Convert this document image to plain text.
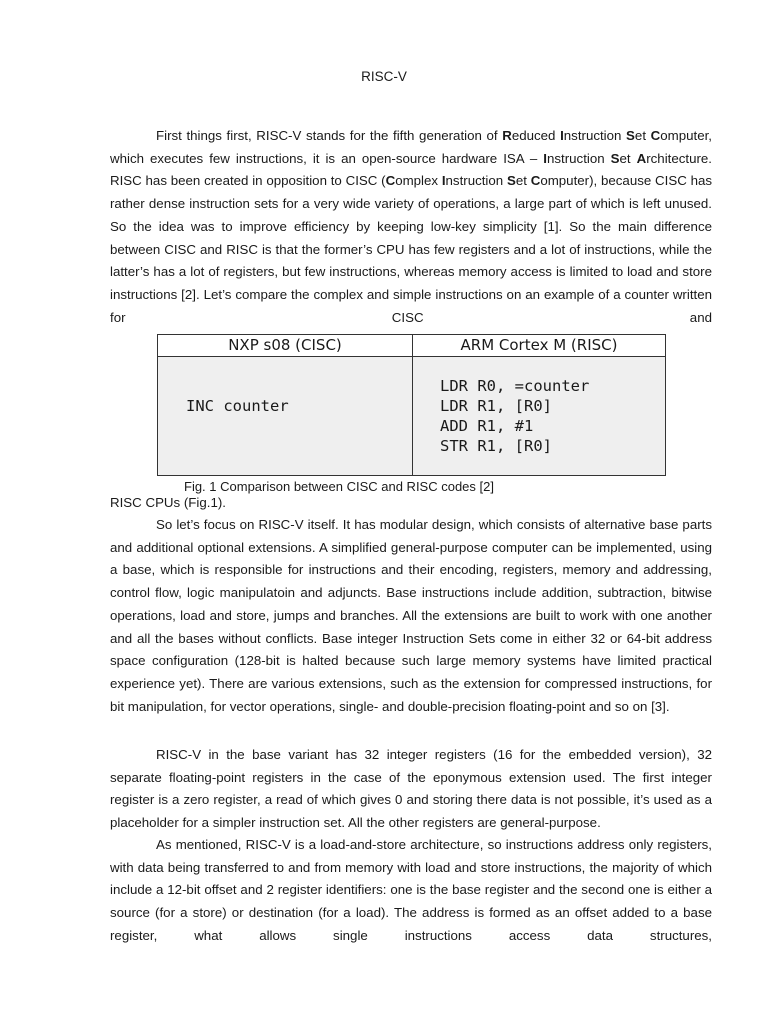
RISC-V

First things first, RISC-V stands for the fifth generation of Reduced Instruction Set Computer, which executes few instructions, it is an open-source hardware ISA – Instruction Set Architecture. RISC has been created in opposition to CISC (Complex Instruction Set Computer), because CISC has rather dense instruction sets for a very wide variety of operations, a large part of which is left unused. So the idea was to improve efficiency by keeping low-key simplicity [1]. So the main difference between CISC and RISC is that the former’s CPU has few registers and a lot of instructions, while the latter’s has a lot of registers, but few instructions, whereas memory access is limited to load and store instructions [2]. Let’s compare the complex and simple instructions on an example of a counter written for CISC and

NXP s08 (CISC)
INC counter
ARM Cortex M (RISC)
LDR R0, =counter
LDR R1, [R0]
ADD R1, #1
STR R1, [R0]
Fig. 1 Comparison between CISC and RISC codes [2]

RISC CPUs (Fig.1).

So let’s focus on RISC-V itself. It has modular design, which consists of alternative base parts and additional optional extensions. A simplified general-purpose computer can be implemented, using a base, which is responsible for instructions and their encoding, registers, memory and addressing, control flow, logic manipulatoin and adjuncts. Base instructions include addition, subtraction, bitwise operations, load and store, jumps and branches. All the extensions are built to work with one another and all the bases without conflicts. Base integer Instruction Sets come in either 32 or 64-bit address space configuration (128-bit is halted because such large memory systems have limited practical experience yet). There are various extensions, such as the extension for compressed instructions, for bit manipulation, for vector operations, single- and double-precision floating-point and so on [3].

RISC-V in the base variant has 32 integer registers (16 for the embedded version), 32 separate floating-point registers in the case of the eponymous extension used. The first integer register is a zero register, a read of which gives 0 and storing there data is not possible, it’s used as a placeholder for a simpler instruction set. All the other registers are general-purpose.

As mentioned, RISC-V is a load-and-store architecture, so instructions address only registers, with data being transferred to and from memory with load and store instructions, the majority of which include a 12-bit offset and 2 register identifiers: one is the base register and the second one is either a source (for a store) or destination (for a load). The address is formed as an offset added to a base register, what allows single instructions access data structures,
